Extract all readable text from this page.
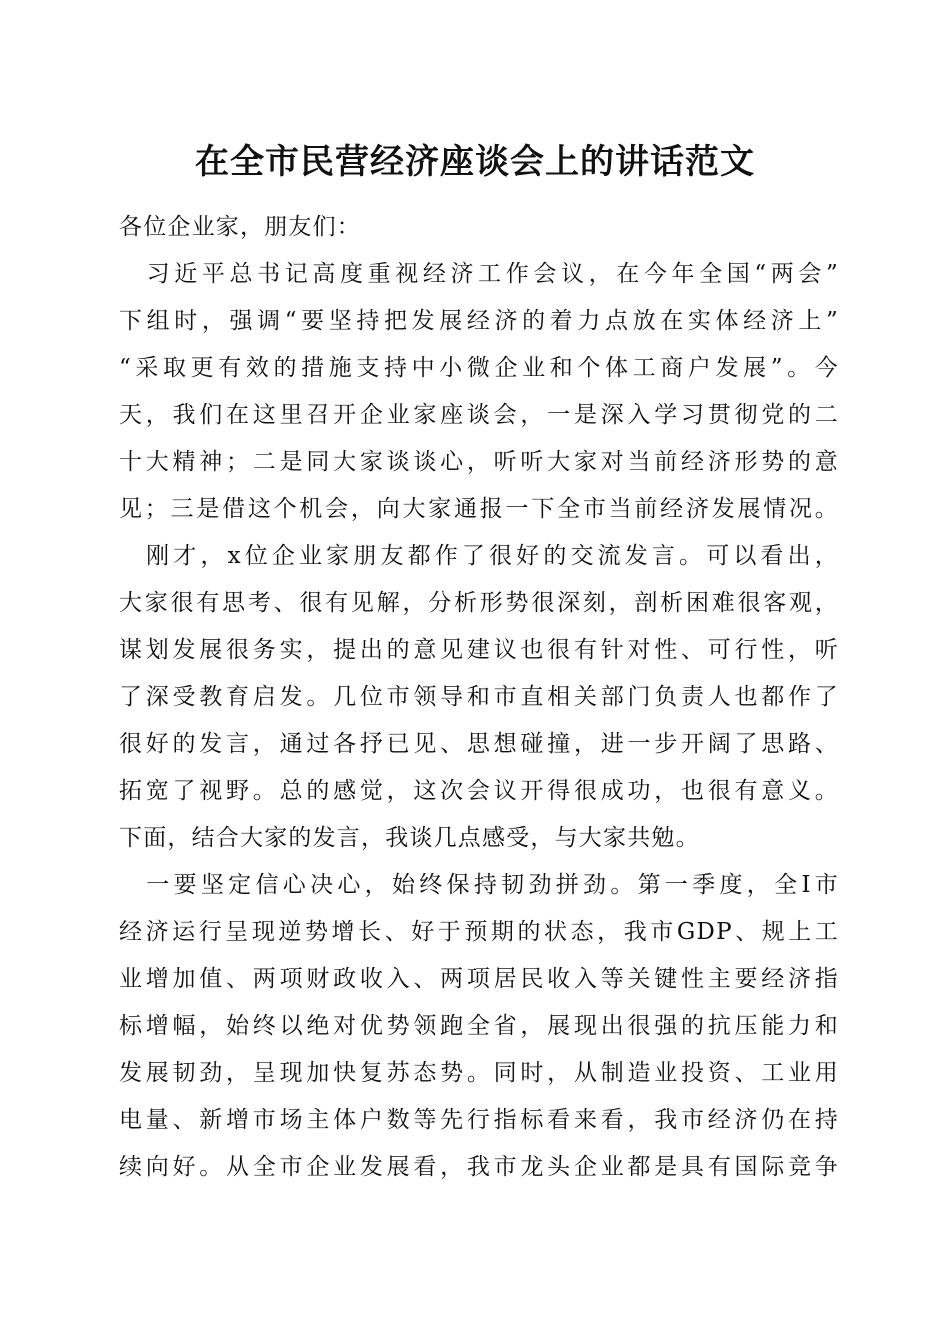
在全市民营经济座谈会上的讲话范文
各位企业家，朋友们：
　习近平总书记高度重视经济工作会议，在今年全国“两会”
下组时，强调“要坚持把发展经济的着力点放在实体经济上”
“采取更有效的措施支持中小微企业和个体工商户发展”。今
天，我们在这里召开企业家座谈会，一是深入学习贯彻党的二
十大精神；二是同大家谈谈心，听听大家对当前经济形势的意
见；三是借这个机会，向大家通报一下全市当前经济发展情况。
　刚才，x位企业家朋友都作了很好的交流发言。可以看出，
大家很有思考、很有见解，分析形势很深刻，剖析困难很客观，
谋划发展很务实，提出的意见建议也很有针对性、可行性，听
了深受教育启发。几位市领导和市直相关部门负责人也都作了
很好的发言，通过各抒已见、思想碰撞，进一步开阔了思路、
拓宽了视野。总的感觉，这次会议开得很成功，也很有意义。
下面，结合大家的发言，我谈几点感受，与大家共勉。
　一要坚定信心决心，始终保持韧劲拼劲。第一季度，全Ⅰ市
经济运行呈现逆势增长、好于预期的状态，我市GDP、规上工
业增加值、两项财政收入、两项居民收入等关键性主要经济指
标增幅，始终以绝对优势领跑全省，展现出很强的抗压能力和
发展韧劲，呈现加快复苏态势。同时，从制造业投资、工业用
电量、新增市场主体户数等先行指标看来看，我市经济仍在持
续向好。从全市企业发展看，我市龙头企业都是具有国际竞争
